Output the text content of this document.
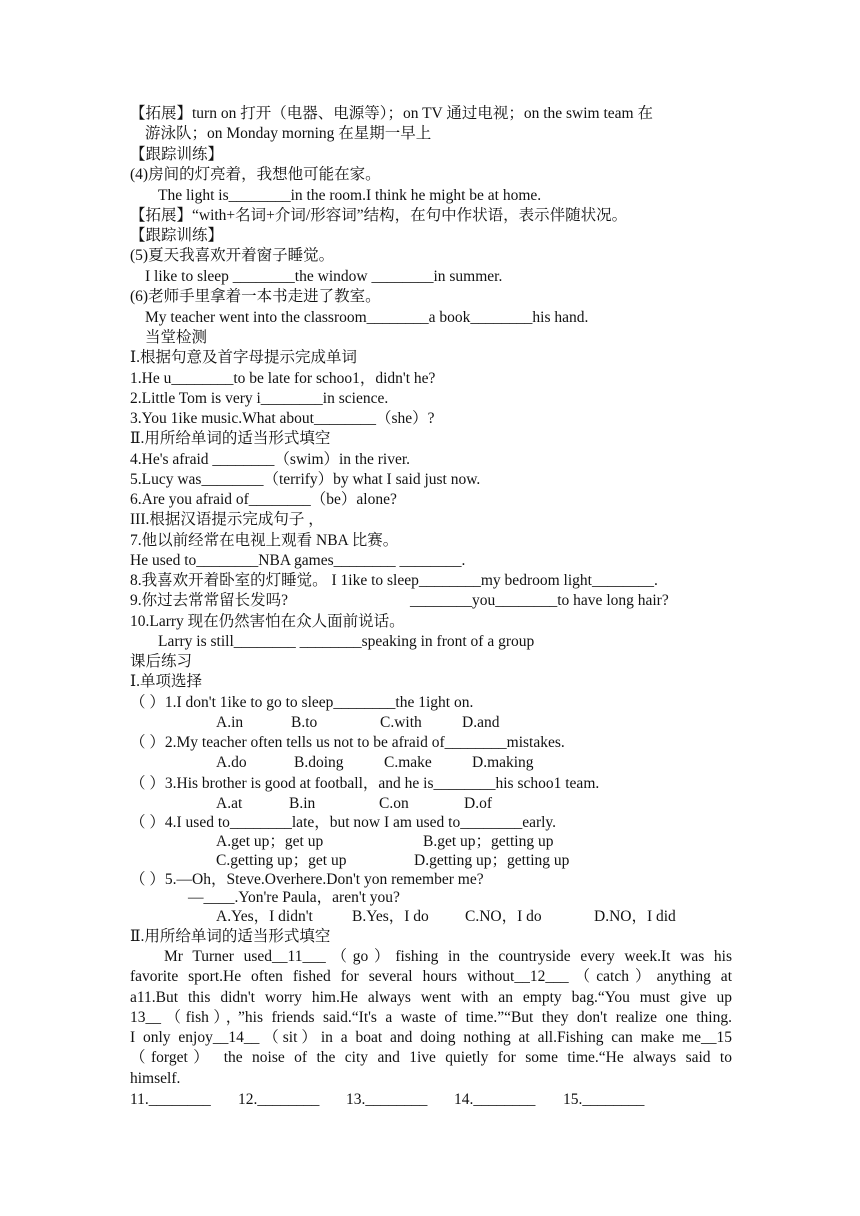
【拓展】turn on 打开（电器、电源等）；on TV 通过电视；on the swim team 在
游泳队；on Monday morning 在星期一早上
【跟踪训练】
(4)房间的灯亮着，我想他可能在家。
The light is________in the room.I think he might be at home.
【拓展】“with+名词+介词/形容词”结构，在句中作状语，表示伴随状况。
【跟踪训练】
(5)夏天我喜欢开着窗子睡觉。
I like to sleep ________the window ________in summer.
(6)老师手里拿着一本书走进了教室。
My teacher went into the classroom________a book________his hand.
当堂检测
Ⅰ.根据句意及首字母提示完成单词
1.He u________to be late for schoo1，didn't he?
2.Little Tom is very i________in science.
3.You 1ike music.What about________（she）?
Ⅱ.用所给单词的适当形式填空
4.He's afraid ________（swim）in the river.
5.Lucy was________（terrify）by what I said just now.
6.Are you afraid of________（be）alone?
III.根据汉语提示完成句子 ，
7.他以前经常在电视上观看 NBA 比赛。
He used to________NBA games________ ________.
8.我喜欢开着卧室的灯睡觉。 I 1ike to sleep________my bedroom light________.
9.你过去常常留长发吗?	________you________to have long hair?
10.Larry 现在仍然害怕在众人面前说话。
Larry is still________ ________speaking in front of a group
课后练习
Ⅰ.单项选择
（ ）1.I don't 1ike to go to sleep________the 1ight on.
A.in	B.to	C.with	D.and
（ ）2.My teacher often tells us not to be afraid of________mistakes.
A.do	B.doing	C.make	D.making
（ ）3.His brother is good at football，and he is________his schoo1 team.
A.at	B.in	C.on	D.of
（ ）4.I used to________late，but now I am used to________early.
A.get up；get up	B.get up；getting up
C.getting up；get up	D.getting up；getting up
（ ）5.—Oh，Steve.Overhere.Don't yon remember me?
—____.Yon're Paula，aren't you?
A.Yes，I didn't	B.Yes，I do C.NO，I do	D.NO，I did
Ⅱ.用所给单词的适当形式填空
Mr Turner used__11___（go）fishing in the countryside every week.It was his
favorite sport.He often fished for several hours without__12___（catch）anything at
a11.But this didn't worry him.He always went with an empty bag.“You must give up
13__（fish），”his friends said.“It's a waste of time.”“But they don't realize one thing.
I only enjoy__14__（sit）in a boat and doing nothing at all.Fishing can make me__15
（forget） the noise of the city and 1ive quietly for some time.“He always said to
himself.
11.________ 12.________ 13.________ 14.________ 15.________
